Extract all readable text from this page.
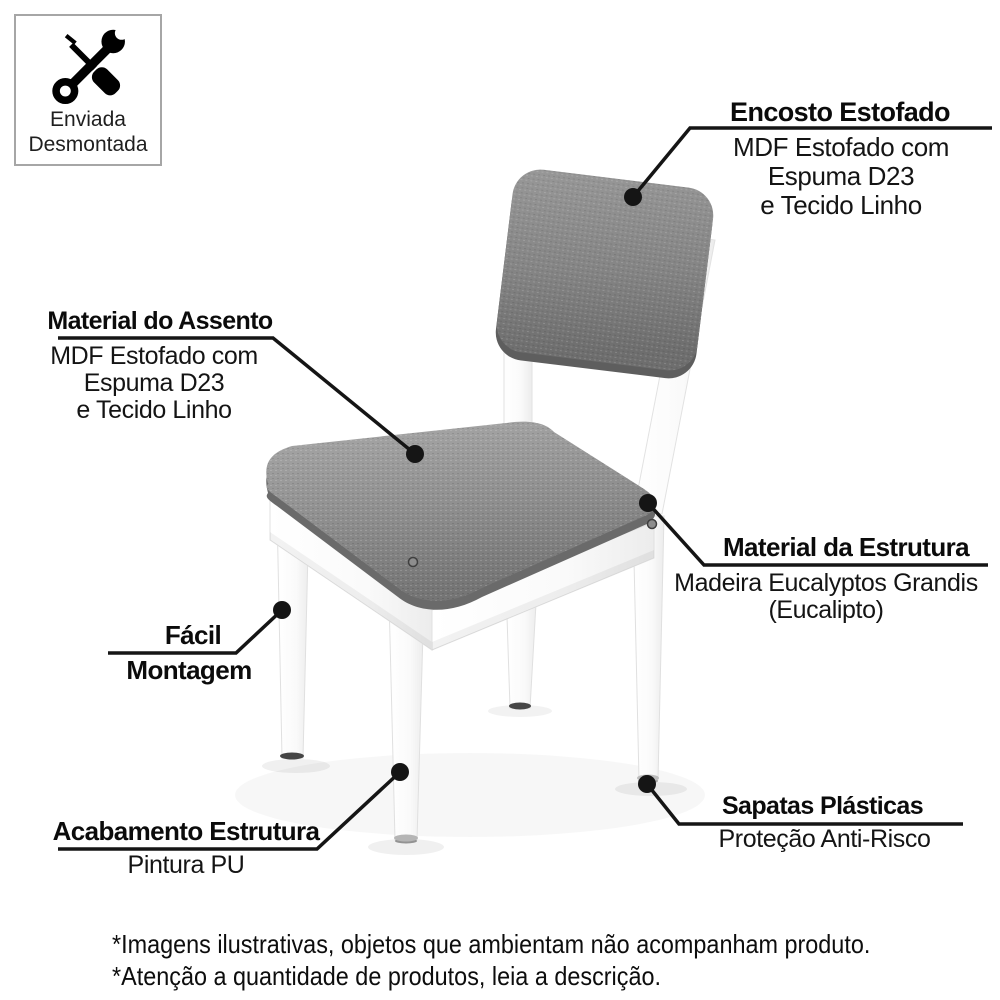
Enviada
Desmontada
Encosto Estofado
MDF Estofado com
Espuma D23
e Tecido Linho
Material do Assento
MDF Estofado com
Espuma D23
e Tecido Linho
Material da Estrutura
Madeira Eucalyptos Grandis
(Eucalipto)
Fácil
Montagem
Acabamento Estrutura
Pintura PU
Sapatas Plásticas
Proteção Anti-Risco
*Imagens ilustrativas, objetos que ambientam não acompanham produto.
*Atenção a quantidade de produtos, leia a descrição.
